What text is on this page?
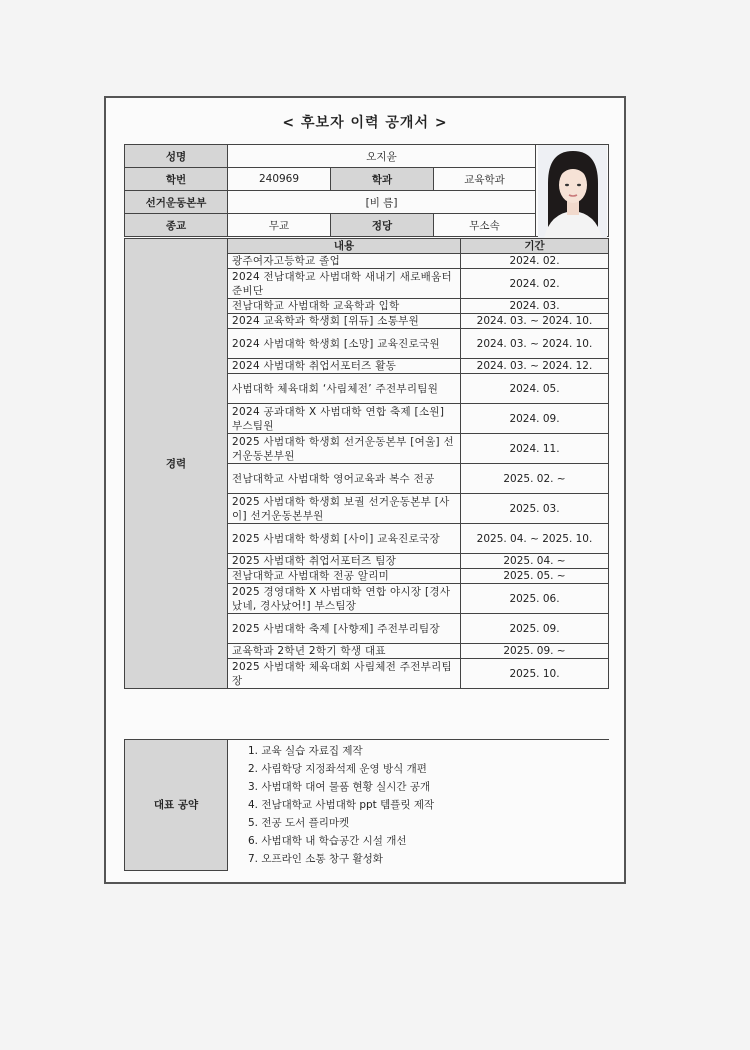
< 후보자 이력 공개서 >
성명	오지윤			
학번	240969	학과	교육학과	
선거운동본부	[비 름]			
종교	무교	정당	무소속	
경력	내용	기간
	광주여자고등학교 졸업	2024. 02.
	2024 전남대학교 사범대학 새내기 새로배움터 준비단	2024. 02.
	전남대학교 사범대학 교육학과 입학	2024. 03.
	2024 교육학과 학생회 [위듀] 소통부원	2024. 03. ~ 2024. 10.
	2024 사범대학 학생회 [소망] 교육진로국원	2024. 03. ~ 2024. 10.
	2024 사범대학 취업서포터즈 활동	2024. 03. ~ 2024. 12.
	사범대학 체육대회 ‘사림체전’ 주전부리팀원	2024. 05.
	2024 공과대학 X 사범대학 연합 축제 [소원] 부스팀원	2024. 09.
	2025 사범대학 학생회 선거운동본부 [여울] 선거운동본부원	2024. 11.
	전남대학교 사범대학 영어교육과 복수 전공	2025. 02. ~
	2025 사범대학 학생회 보궐 선거운동본부 [사이] 선거운동본부원	2025. 03.
	2025 사범대학 학생회 [사이] 교육진로국장	2025. 04. ~ 2025. 10.
	2025 사범대학 취업서포터즈 팀장	2025. 04. ~
	전남대학교 사범대학 전공 알리미	2025. 05. ~
	2025 경영대학 X 사범대학 연합 야시장 [경사났네, 경사났어!] 부스팀장	2025. 06.
	2025 사범대학 축제 [사향제] 주전부리팀장	2025. 09.
	교육학과 2학년 2학기 학생 대표	2025. 09. ~
	2025 사범대학 체육대회 사림체전 주전부리팀장	2025. 10.
대표 공약	
1. 교육 실습 자료집 제작
2. 사림학당 지정좌석제 운영 방식 개편
3. 사범대학 대여 물품 현황 실시간 공개
4. 전남대학교 사범대학 ppt 템플릿 제작
5. 전공 도서 플리마켓
6. 사범대학 내 학습공간 시설 개선
7. 오프라인 소통 창구 활성화
